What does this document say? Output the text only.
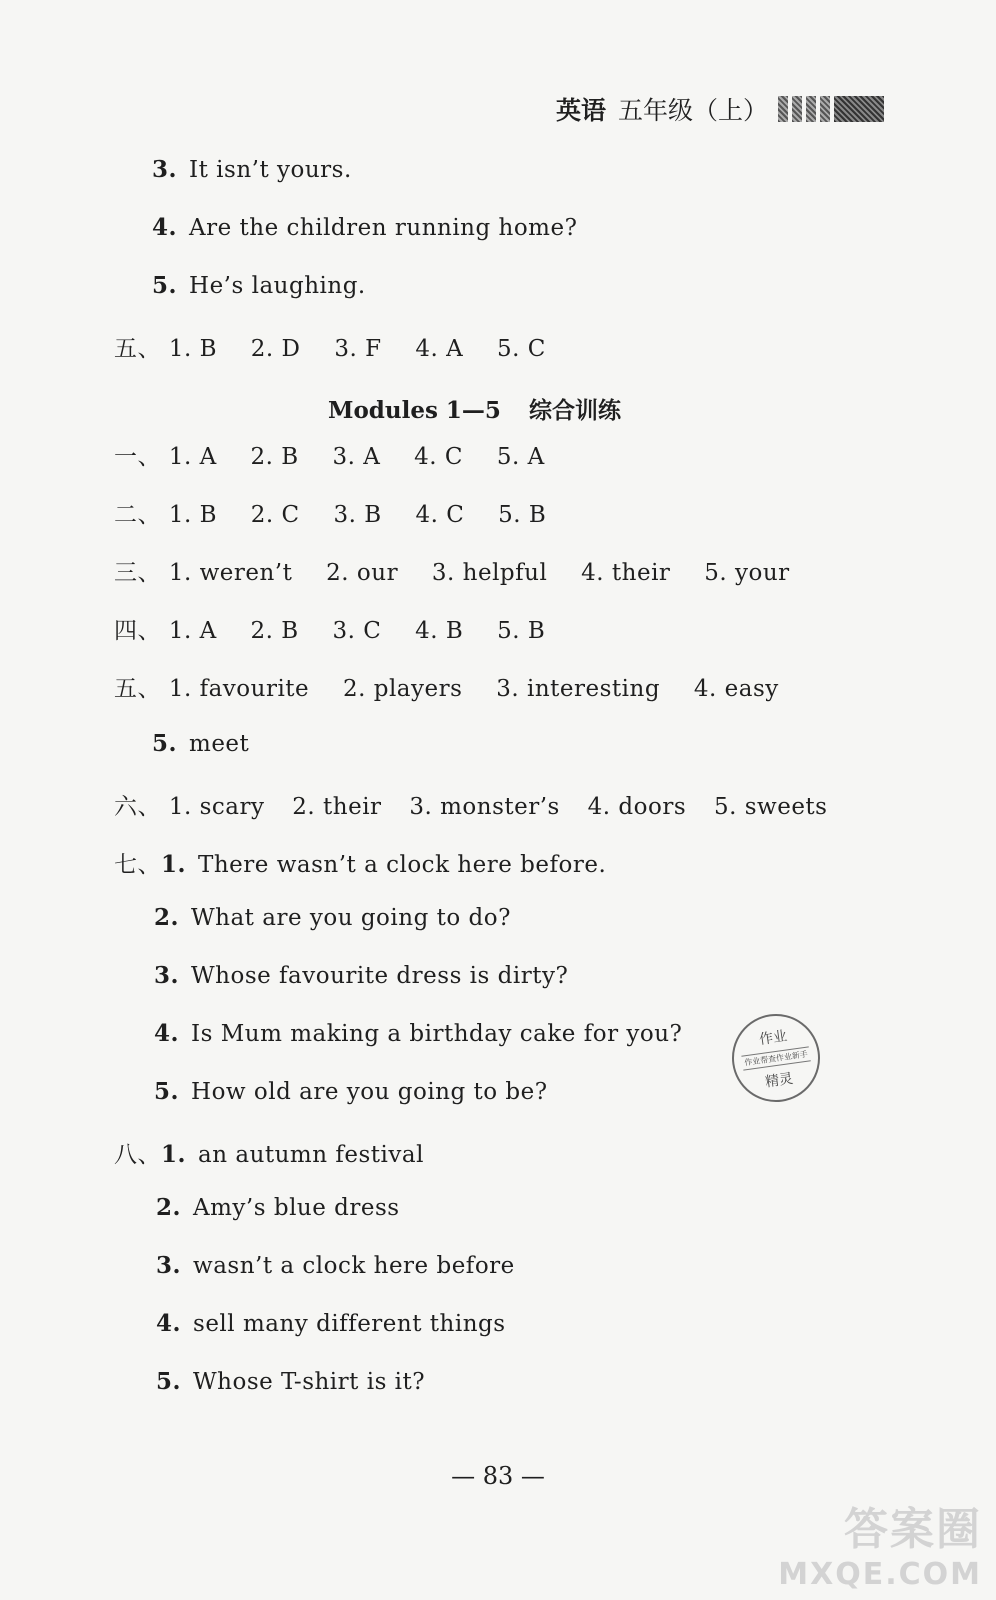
英语 五年级（上）
3. It isn’t yours.
4. Are the children running home?
5. He’s laughing.
五、 1. B 2. D 3. F 4. A 5. C
Modules 1—5 综合训练
一、 1. A 2. B 3. A 4. C 5. A
二、 1. B 2. C 3. B 4. C 5. B
三、 1. weren’t 2. our 3. helpful 4. their 5. your
四、 1. A 2. B 3. C 4. B 5. B
五、 1. favourite 2. players 3. interesting 4. easy
5. meet
六、 1. scary 2. their 3. monster’s 4. doors 5. sweets
七、1. There wasn’t a clock here before.
2. What are you going to do?
3. Whose favourite dress is dirty?
4. Is Mum making a birthday cake for you?
5. How old are you going to be?
八、1. an autumn festival
2. Amy’s blue dress
3. wasn’t a clock here before
4. sell many different things
5. Whose T-shirt is it?
作业
作业帮查作业新手
精灵
— 83 —
答案圈
MXQE.COM
